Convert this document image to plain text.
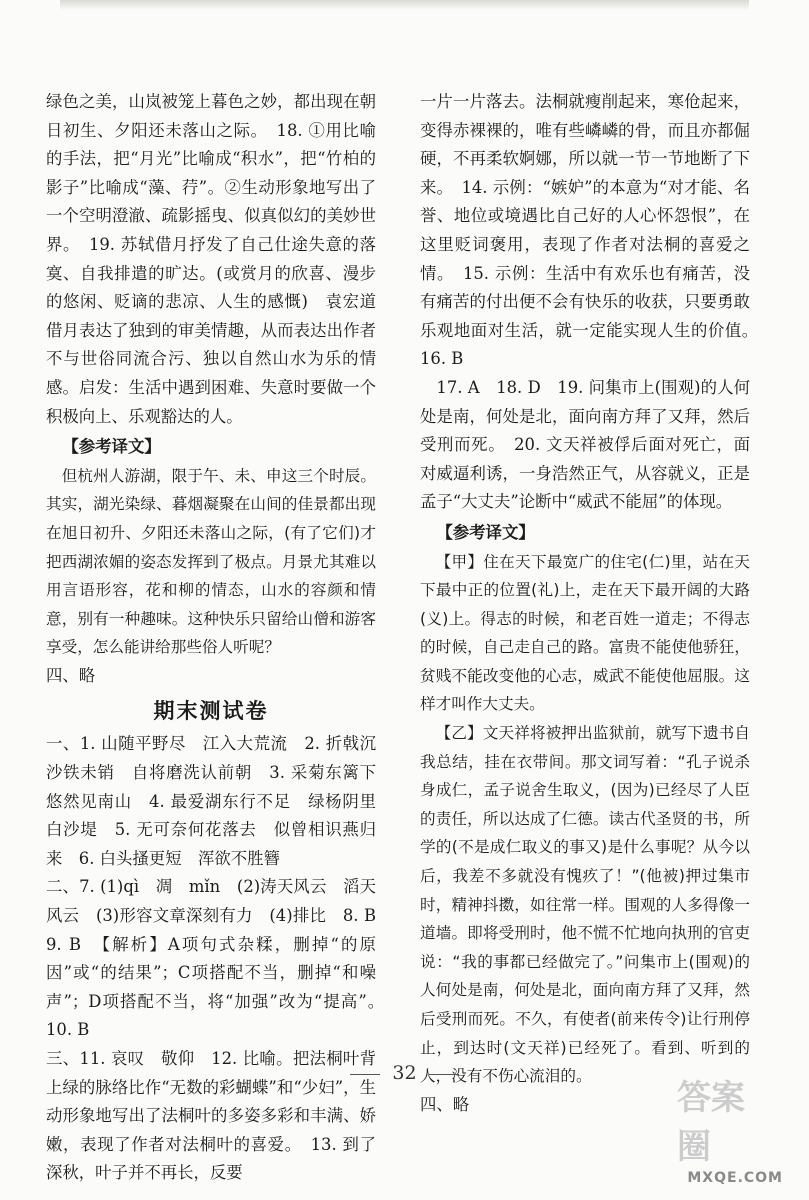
绿色之美，山岚被笼上暮色之妙，都出现在朝日初生、夕阳还未落山之际。　18. ①用比喻的手法，把“月光”比喻成“积水”，把“竹柏的影子”比喻成“藻、荇”。②生动形象地写出了一个空明澄澈、疏影摇曳、似真似幻的美妙世界。　19. 苏轼借月抒发了自己仕途失意的落寞、自我排遣的旷达。(或赏月的欣喜、漫步的悠闲、贬谪的悲凉、人生的感慨)　袁宏道借月表达了独到的审美情趣，从而表达出作者不与世俗同流合污、独以自然山水为乐的情感。启发：生活中遇到困难、失意时要做一个积极向上、乐观豁达的人。

【参考译文】

但杭州人游湖，限于午、未、申这三个时辰。其实，湖光染绿、暮烟凝聚在山间的佳景都出现在旭日初升、夕阳还未落山之际，(有了它们)才把西湖浓媚的姿态发挥到了极点。月景尤其难以用言语形容，花和柳的情态，山水的容颜和情意，别有一种趣味。这种快乐只留给山僧和游客享受，怎么能讲给那些俗人听呢？

四、略

期末测试卷

一、1. 山随平野尽　江入大荒流　2. 折戟沉沙铁未销　自将磨洗认前朝　3. 采菊东篱下　悠然见南山　4. 最爱湖东行不足　绿杨阴里白沙堤　5. 无可奈何花落去　似曾相识燕归来　6. 白头搔更短　浑欲不胜簪

二、7. (1)qì　凋　mǐn　(2)涛天风云　滔天风云　(3)形容文章深刻有力　(4)排比　8. B　9. B　【解析】A项句式杂糅，删掉“的原因”或“的结果”；C项搭配不当，删掉“和噪声”；D项搭配不当，将“加强”改为“提高”。　10. B

三、11. 哀叹　敬仰　12. 比喻。把法桐叶背上绿的脉络比作“无数的彩蝴蝶”和“少妇”，生动形象地写出了法桐叶的多姿多彩和丰满、娇嫩，表现了作者对法桐叶的喜爱。　13. 到了深秋，叶子并不再长，反要

一片一片落去。法桐就瘦削起来，寒伧起来，变得赤裸裸的，唯有些嶙嶙的骨，而且亦都倔硬，不再柔软婀娜，所以就一节一节地断了下来。　14. 示例：“嫉妒”的本意为“对才能、名誉、地位或境遇比自己好的人心怀怨恨”，在这里贬词褒用，表现了作者对法桐的喜爱之情。　15. 示例：生活中有欢乐也有痛苦，没有痛苦的付出便不会有快乐的收获，只要勇敢乐观地面对生活，就一定能实现人生的价值。　16. B

17. A　18. D　19. 问集市上(围观)的人何处是南，何处是北，面向南方拜了又拜，然后受刑而死。　20. 文天祥被俘后面对死亡，面对威逼利诱，一身浩然正气，从容就义，正是孟子“大丈夫”论断中“威武不能屈”的体现。

【参考译文】

【甲】住在天下最宽广的住宅(仁)里，站在天下最中正的位置(礼)上，走在天下最开阔的大路(义)上。得志的时候，和老百姓一道走；不得志的时候，自己走自己的路。富贵不能使他骄狂，贫贱不能改变他的心志，威武不能使他屈服。这样才叫作大丈夫。

【乙】文天祥将被押出监狱前，就写下遗书自我总结，挂在衣带间。那文词写着：“孔子说杀身成仁，孟子说舍生取义，(因为)已经尽了人臣的责任，所以达成了仁德。读古代圣贤的书，所学的(不是成仁取义的事又)是什么事呢？从今以后，我差不多就没有愧疚了！”(他被)押过集市时，精神抖擞，如往常一样。围观的人多得像一道墙。即将受刑时，他不慌不忙地向执刑的官吏说：“我的事都已经做完了。”问集市上(围观)的人何处是南，何处是北，面向南方拜了又拜，然后受刑而死。不久，有使者(前来传令)让行刑停止，到达时(文天祥)已经死了。看到、听到的人，没有不伤心流泪的。

四、略

32
答案圈
MXQE.COM
